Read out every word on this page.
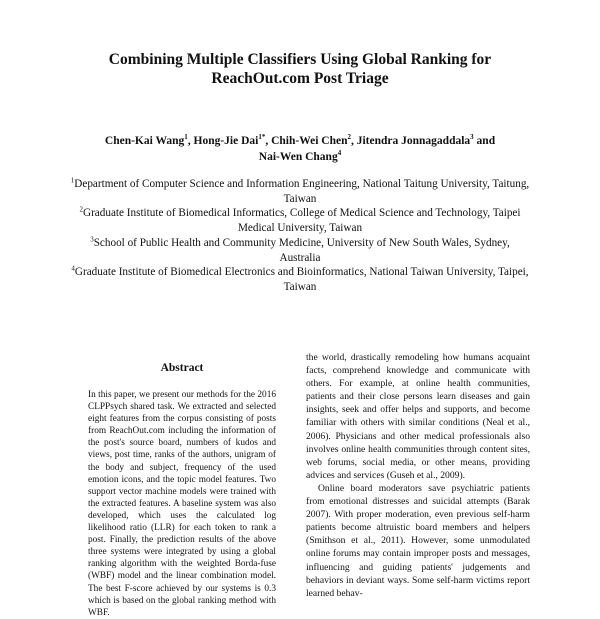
Combining Multiple Classifiers Using Global Ranking for
ReachOut.com Post Triage
Chen-Kai Wang$^1$, Hong-Jie Dai$^{1*}$, Chih-Wei Chen$^2$, Jitendra Jonnagaddala$^3$ and
Nai-Wen Chang$^4$
$^1$Department of Computer Science and Information Engineering, National Taitung University, Taitung, Taiwan
$^2$Graduate Institute of Biomedical Informatics, College of Medical Science and Technology, Taipei Medical University, Taiwan
$^3$School of Public Health and Community Medicine, University of New South Wales, Sydney, Australia
$^4$Graduate Institute of Biomedical Electronics and Bioinformatics, National Taiwan University, Taipei, Taiwan
Abstract

In this paper, we present our methods for the 2016 CLPPsych shared task. We extracted and selected eight features from the corpus consisting of posts from ReachOut.com including the information of the post's source board, numbers of kudos and views, post time, ranks of the authors, unigram of the body and subject, frequency of the used emotion icons, and the topic model features. Two support vector machine models were trained with the extracted features. A baseline system was also developed, which uses the calculated log likelihood ratio (LLR) for each token to rank a post. Finally, the prediction results of the above three systems were integrated by using a global ranking algorithm with the weighted Borda-fuse (WBF) model and the linear combination model. The best F-score achieved by our systems is 0.3 which is based on the global ranking method with WBF.

the world, drastically remodeling how humans acquaint facts, comprehend knowledge and communicate with others. For example, at online health communities, patients and their close persons learn diseases and gain insights, seek and offer helps and supports, and become familiar with others with similar conditions (Neal et al., 2006). Physicians and other medical professionals also involves online health communities through content sites, web forums, social media, or other means, providing advices and services (Guseh et al., 2009).

Online board moderators save psychiatric patients from emotional distresses and suicidal attempts (Barak 2007). With proper moderation, even previous self-harm patients become altruistic board members and helpers (Smithson et al., 2011). However, some unmodulated online forums may contain improper posts and messages, influencing and guiding patients' judgements and behaviors in deviant ways. Some self-harm victims report learned behav-
